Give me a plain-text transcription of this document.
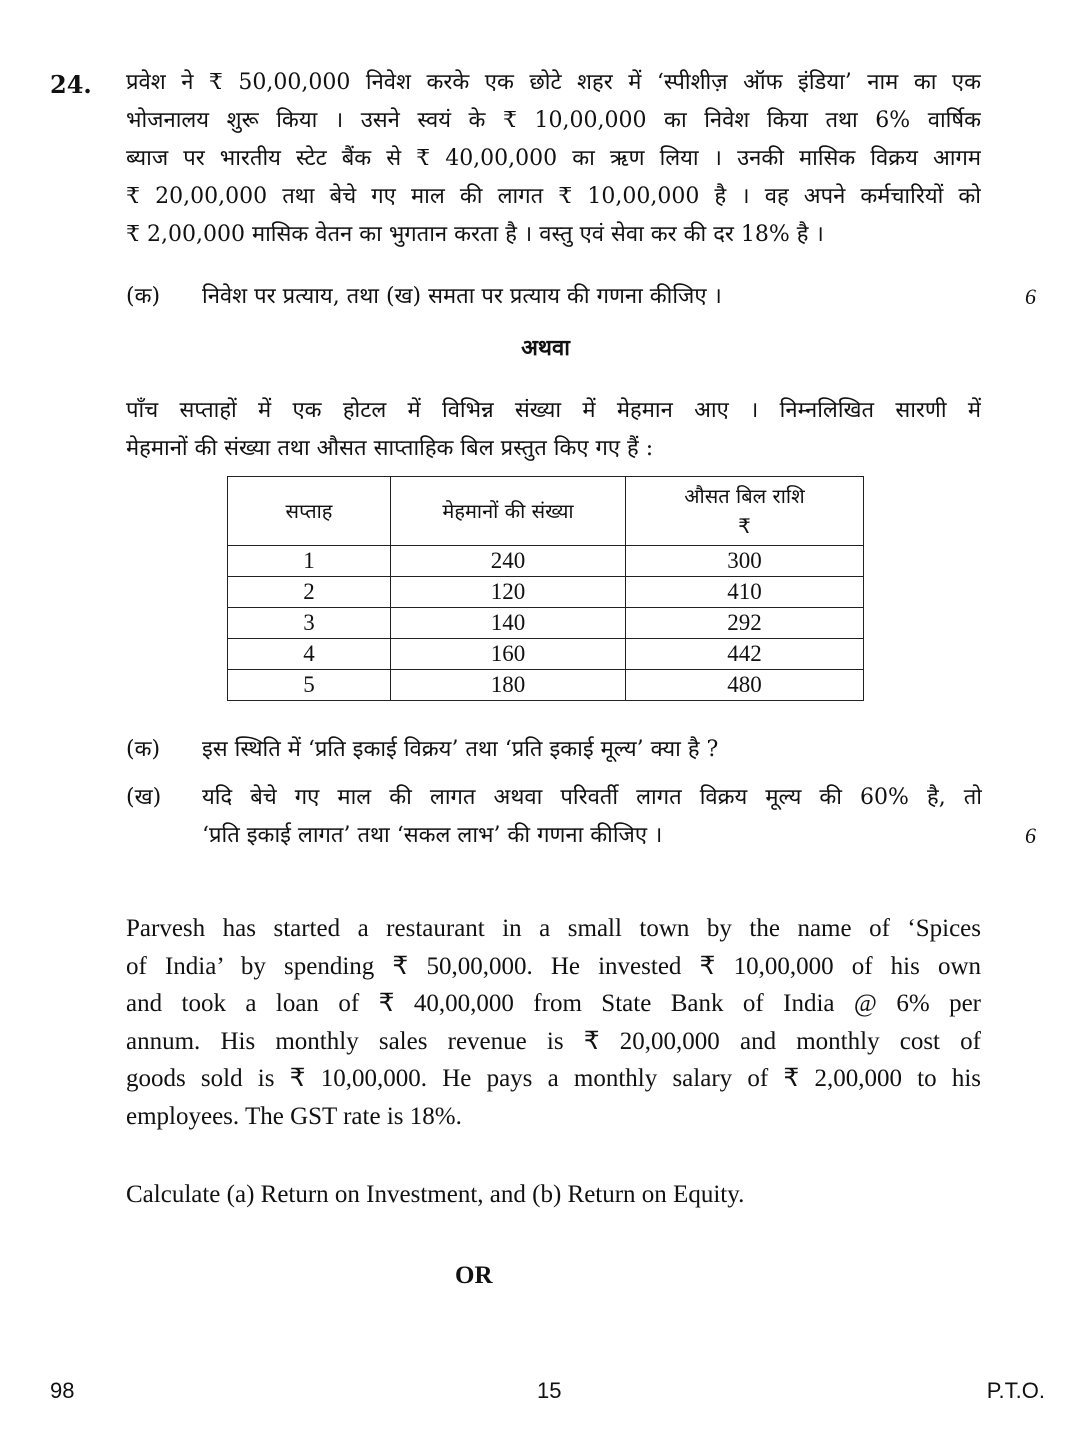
24. प्रवेश ने ₹ 50,00,000 निवेश करके एक छोटे शहर में ‘स्पीशीज़ ऑफ इंडिया’ नाम का एक
भोजनालय शुरू किया । उसने स्वयं के ₹ 10,00,000 का निवेश किया तथा 6% वार्षिक
ब्याज पर भारतीय स्टेट बैंक से ₹ 40,00,000 का ऋण लिया । उनकी मासिक विक्रय आगम
₹ 20,00,000 तथा बेचे गए माल की लागत ₹ 10,00,000 है । वह अपने कर्मचारियों को
₹ 2,00,000 मासिक वेतन का भुगतान करता है । वस्तु एवं सेवा कर की दर 18% है ।
(क) निवेश पर प्रत्याय, तथा (ख) समता पर प्रत्याय की गणना कीजिए ।	6
अथवा
पाँच सप्ताहों में एक होटल में विभिन्न संख्या में मेहमान आए । निम्नलिखित सारणी में
मेहमानों की संख्या तथा औसत साप्ताहिक बिल प्रस्तुत किए गए हैं :
सप्ताह	मेहमानों की संख्या	औसत बिल राशि
₹
1	240	300
2	120	410
3	140	292
4	160	442
5	180	480
(क) इस स्थिति में ‘प्रति इकाई विक्रय’ तथा ‘प्रति इकाई मूल्य’ क्या है ?
(ख) यदि बेचे गए माल की लागत अथवा परिवर्ती लागत विक्रय मूल्य की 60% है, तो
‘प्रति इकाई लागत’ तथा ‘सकल लाभ’ की गणना कीजिए ।	6
Parvesh has started a restaurant in a small town by the name of ‘Spices
of India’ by spending ₹ 50,00,000. He invested ₹ 10,00,000 of his own
and took a loan of ₹ 40,00,000 from State Bank of India @ 6% per
annum. His monthly sales revenue is ₹ 20,00,000 and monthly cost of
goods sold is ₹ 10,00,000. He pays a monthly salary of ₹ 2,00,000 to his
employees. The GST rate is 18%.
Calculate (a) Return on Investment, and (b) Return on Equity.
OR
98	15	P.T.O.
